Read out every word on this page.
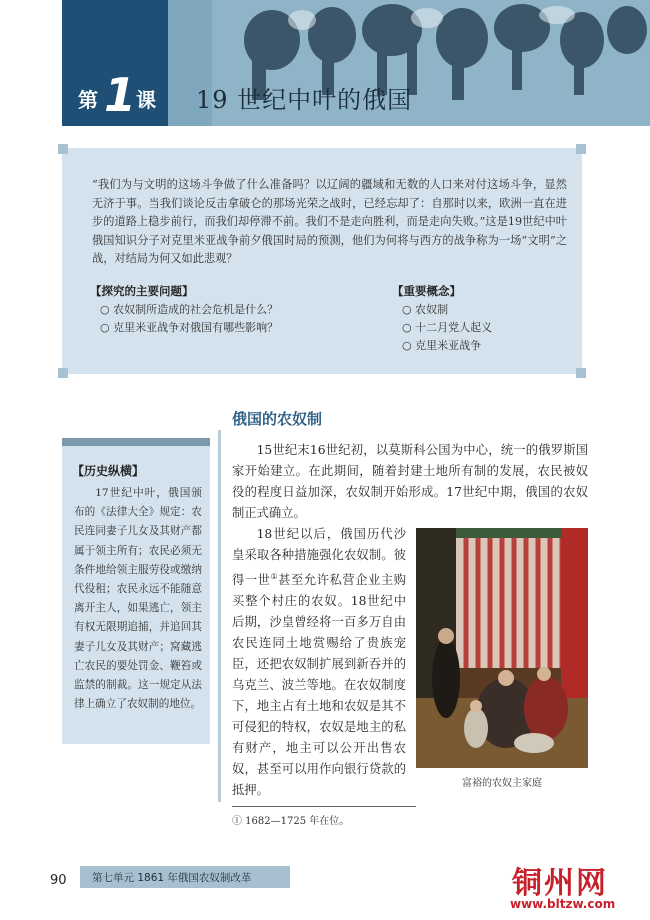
第 1 课 19 世纪中叶的俄国
“我们为与文明的这场斗争做了什么准备吗？以辽阔的疆域和无数的人口来对付这场斗争，显然无济于事。当我们谈论反击拿破仑的那场光荣之战时，已经忘却了：自那时以来，欧洲一直在进步的道路上稳步前行，而我们却停滞不前。我们不是走向胜利，而是走向失败。”这是19世纪中叶俄国知识分子对克里米亚战争前夕俄国时局的预测，他们为何将与西方的战争称为一场“文明”之战，对结局为何又如此悲观？
【探究的主要问题】
○ 农奴制所造成的社会危机是什么？
○ 克里米亚战争对俄国有哪些影响？
【重要概念】
○ 农奴制
○ 十二月党人起义
○ 克里米亚战争
【历史纵横】
17世纪中叶，俄国颁布的《法律大全》规定：农民连同妻子儿女及其财产都属于领主所有；农民必须无条件地给领主服劳役或缴纳代役租；农民永远不能随意离开主人，如果逃亡，领主有权无限期追捕，并追回其妻子儿女及其财产；窝藏逃亡农民的要处罚金、鞭笞或监禁的制裁。这一规定从法律上确立了农奴制的地位。
俄国的农奴制
15世纪末16世纪初，以莫斯科公国为中心，统一的俄罗斯国家开始建立。在此期间，随着封建土地所有制的发展，农民被奴役的程度日益加深，农奴制开始形成。17世纪中期，俄国的农奴制正式确立。
18世纪以后，俄国历代沙皇采取各种措施强化农奴制。彼得一世①甚至允许私营企业主购买整个村庄的农奴。18世纪中后期，沙皇曾经将一百多万自由农民连同土地赏赐给了贵族宠臣，还把农奴制扩展到新吞并的乌克兰、波兰等地。在农奴制度下，地主占有土地和农奴是其不可侵犯的特权，农奴是地主的私有财产，地主可以公开出售农奴，甚至可以用作向银行贷款的抵押。	富裕的农奴主家庭
① 1682—1725 年在位。
90 第七单元 1861 年俄国农奴制改革	铜州网
www.bltzw.com
